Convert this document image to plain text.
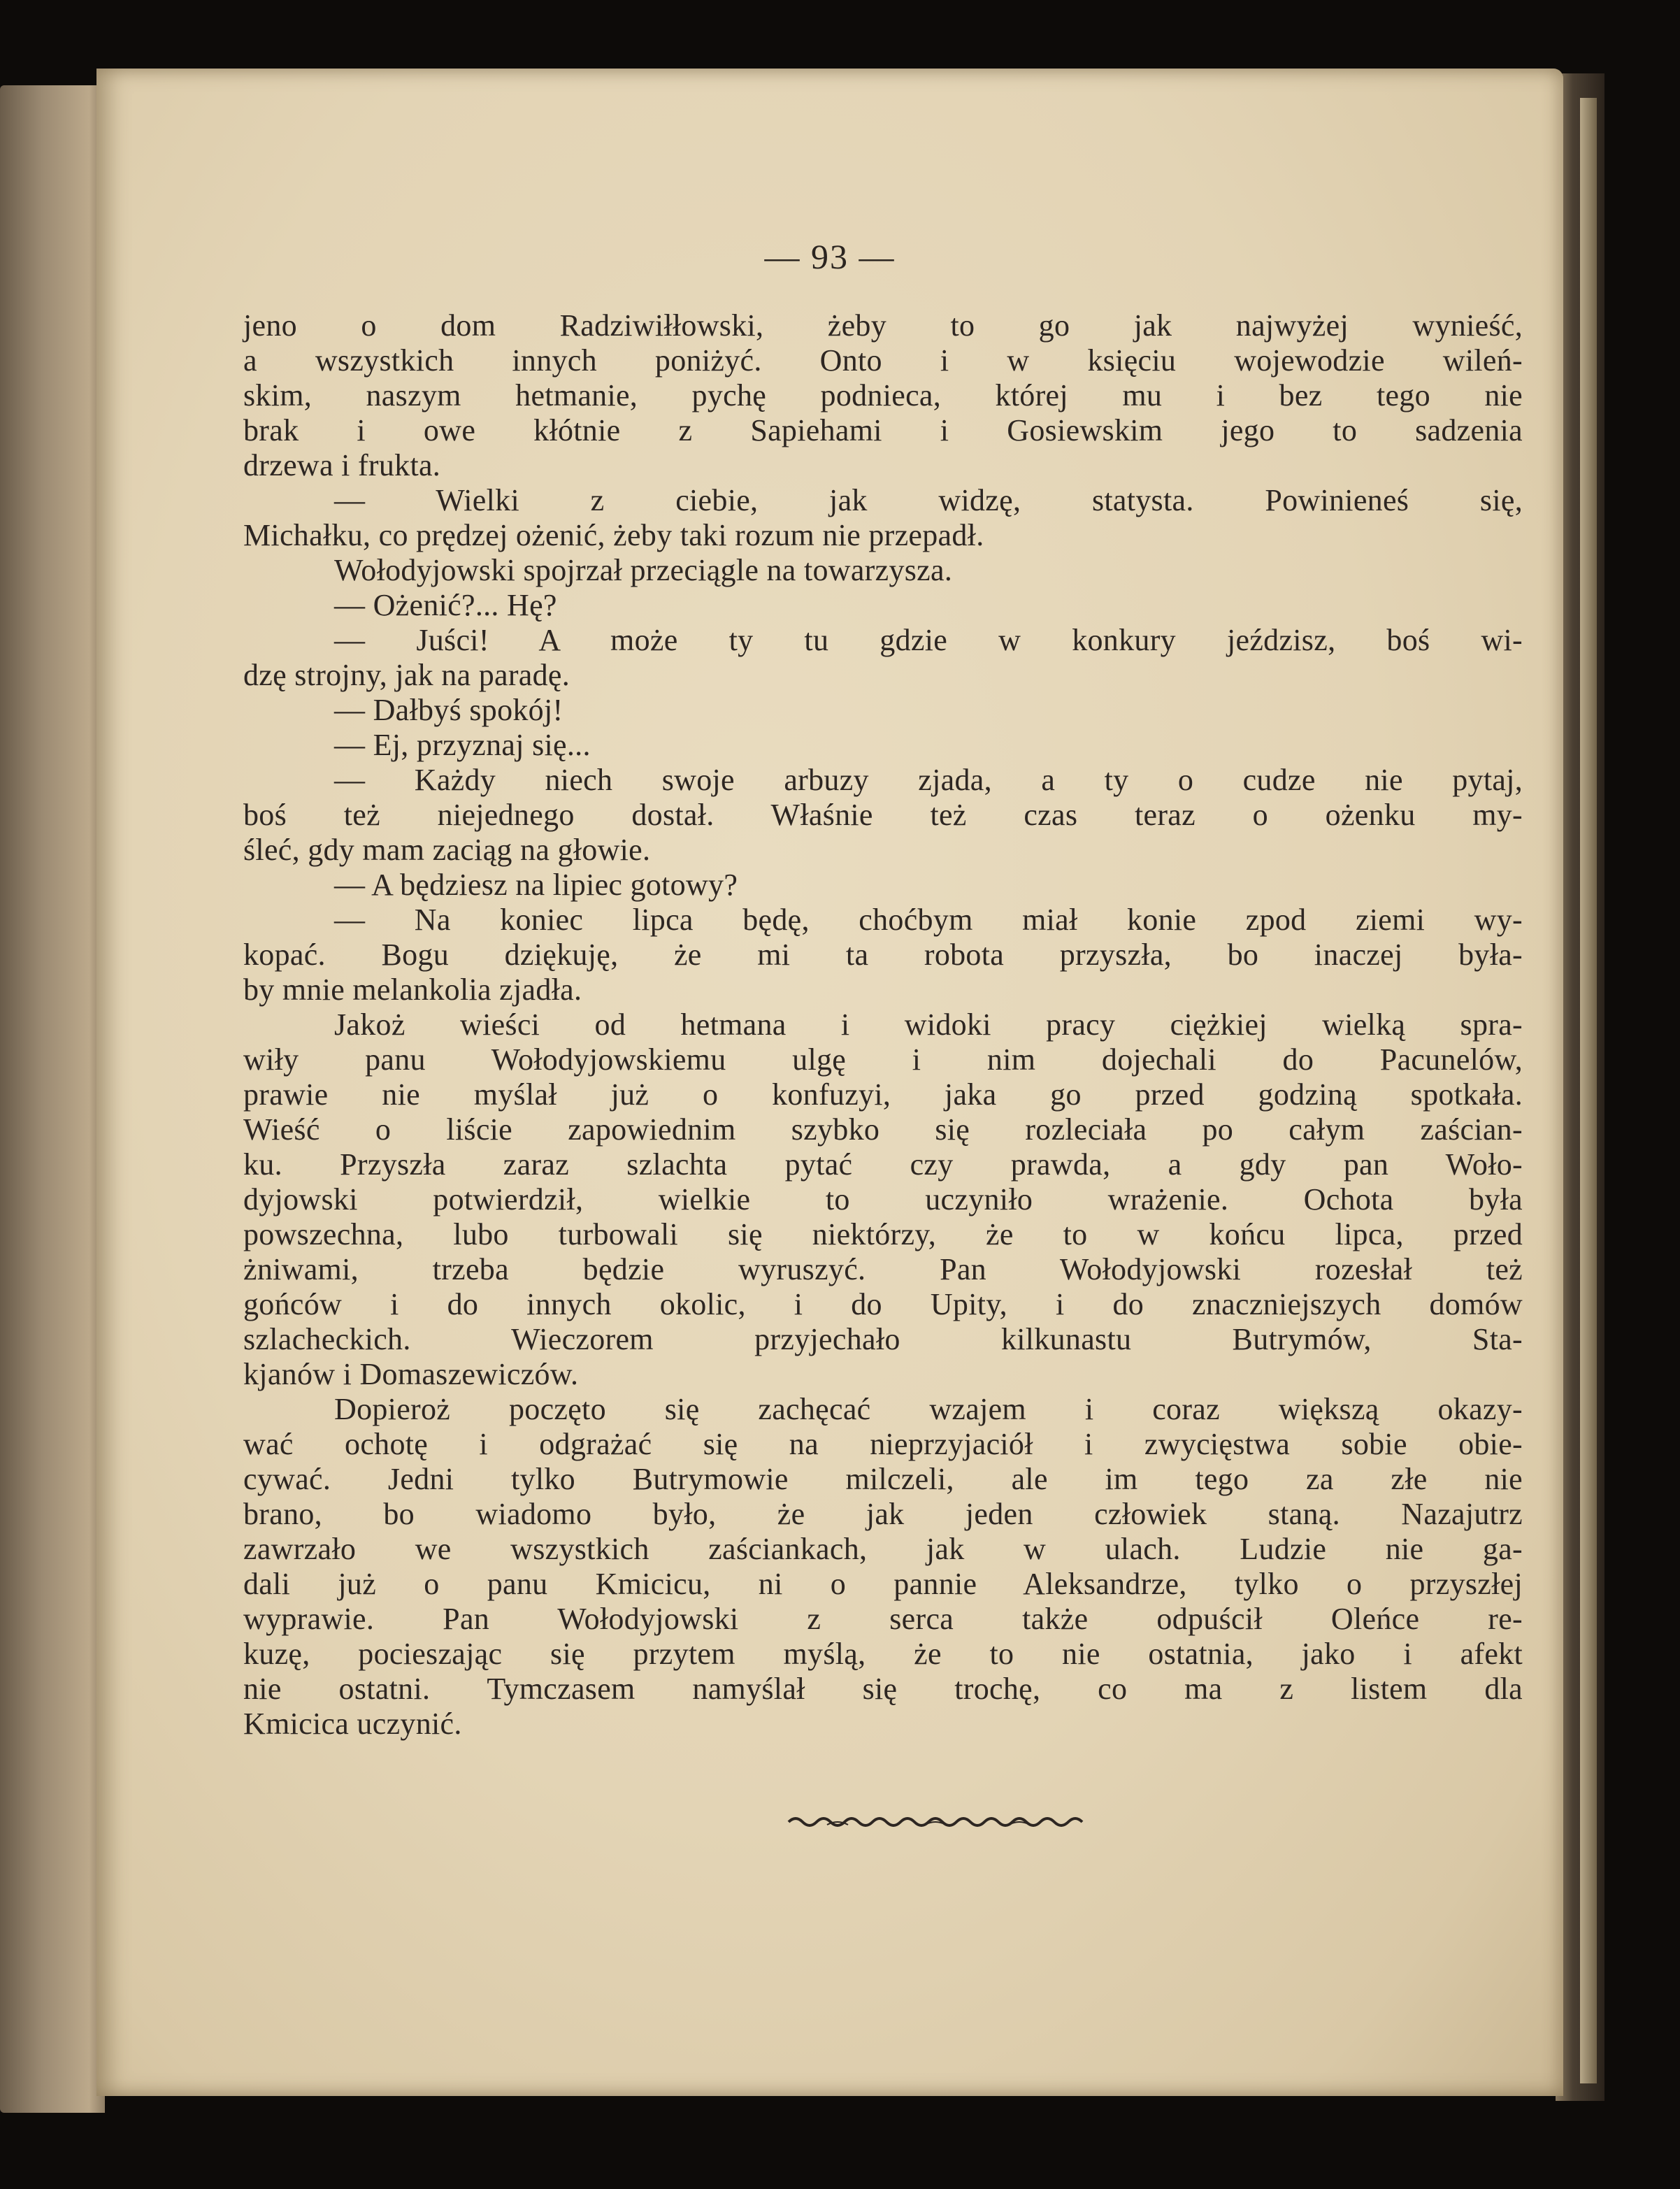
— 93 —

jeno o dom Radziwiłłowski, żeby to go jak najwyżej wynieść,

a wszystkich innych poniżyć. Onto i w księciu wojewodzie wileń-

skim, naszym hetmanie, pychę podnieca, której mu i bez tego nie

brak i owe kłótnie z Sapiehami i Gosiewskim jego to sadzenia

drzewa i frukta.

— Wielki z ciebie, jak widzę, statysta. Powinieneś się,

Michałku, co prędzej ożenić, żeby taki rozum nie przepadł.

Wołodyjowski spojrzał przeciągle na towarzysza.

— Ożenić?... Hę?

— Juści! A może ty tu gdzie w konkury jeździsz, boś wi-

dzę strojny, jak na paradę.

— Dałbyś spokój!

— Ej, przyznaj się...

— Każdy niech swoje arbuzy zjada, a ty o cudze nie pytaj,

boś też niejednego dostał. Właśnie też czas teraz o ożenku my-

śleć, gdy mam zaciąg na głowie.

— A będziesz na lipiec gotowy?

— Na koniec lipca będę, choćbym miał konie zpod ziemi wy-

kopać. Bogu dziękuję, że mi ta robota przyszła, bo inaczej była-

by mnie melankolia zjadła.

Jakoż wieści od hetmana i widoki pracy ciężkiej wielką spra-

wiły panu Wołodyjowskiemu ulgę i nim dojechali do Pacunelów,

prawie nie myślał już o konfuzyi, jaka go przed godziną spotkała.

Wieść o liście zapowiednim szybko się rozleciała po całym zaścian-

ku. Przyszła zaraz szlachta pytać czy prawda, a gdy pan Woło-

dyjowski potwierdził, wielkie to uczyniło wrażenie. Ochota była

powszechna, lubo turbowali się niektórzy, że to w końcu lipca, przed

żniwami, trzeba będzie wyruszyć. Pan Wołodyjowski rozesłał też

gońców i do innych okolic, i do Upity, i do znaczniejszych domów

szlacheckich. Wieczorem przyjechało kilkunastu Butrymów, Sta-

kjanów i Domaszewiczów.

Dopieroż poczęto się zachęcać wzajem i coraz większą okazy-

wać ochotę i odgrażać się na nieprzyjaciół i zwycięstwa sobie obie-

cywać. Jedni tylko Butrymowie milczeli, ale im tego za złe nie

brano, bo wiadomo było, że jak jeden człowiek staną. Nazajutrz

zawrzało we wszystkich zaściankach, jak w ulach. Ludzie nie ga-

dali już o panu Kmicicu, ni o pannie Aleksandrze, tylko o przyszłej

wyprawie. Pan Wołodyjowski z serca także odpuścił Oleńce re-

kuzę, pocieszając się przytem myślą, że to nie ostatnia, jako i afekt

nie ostatni. Tymczasem namyślał się trochę, co ma z listem dla

Kmicica uczynić.
